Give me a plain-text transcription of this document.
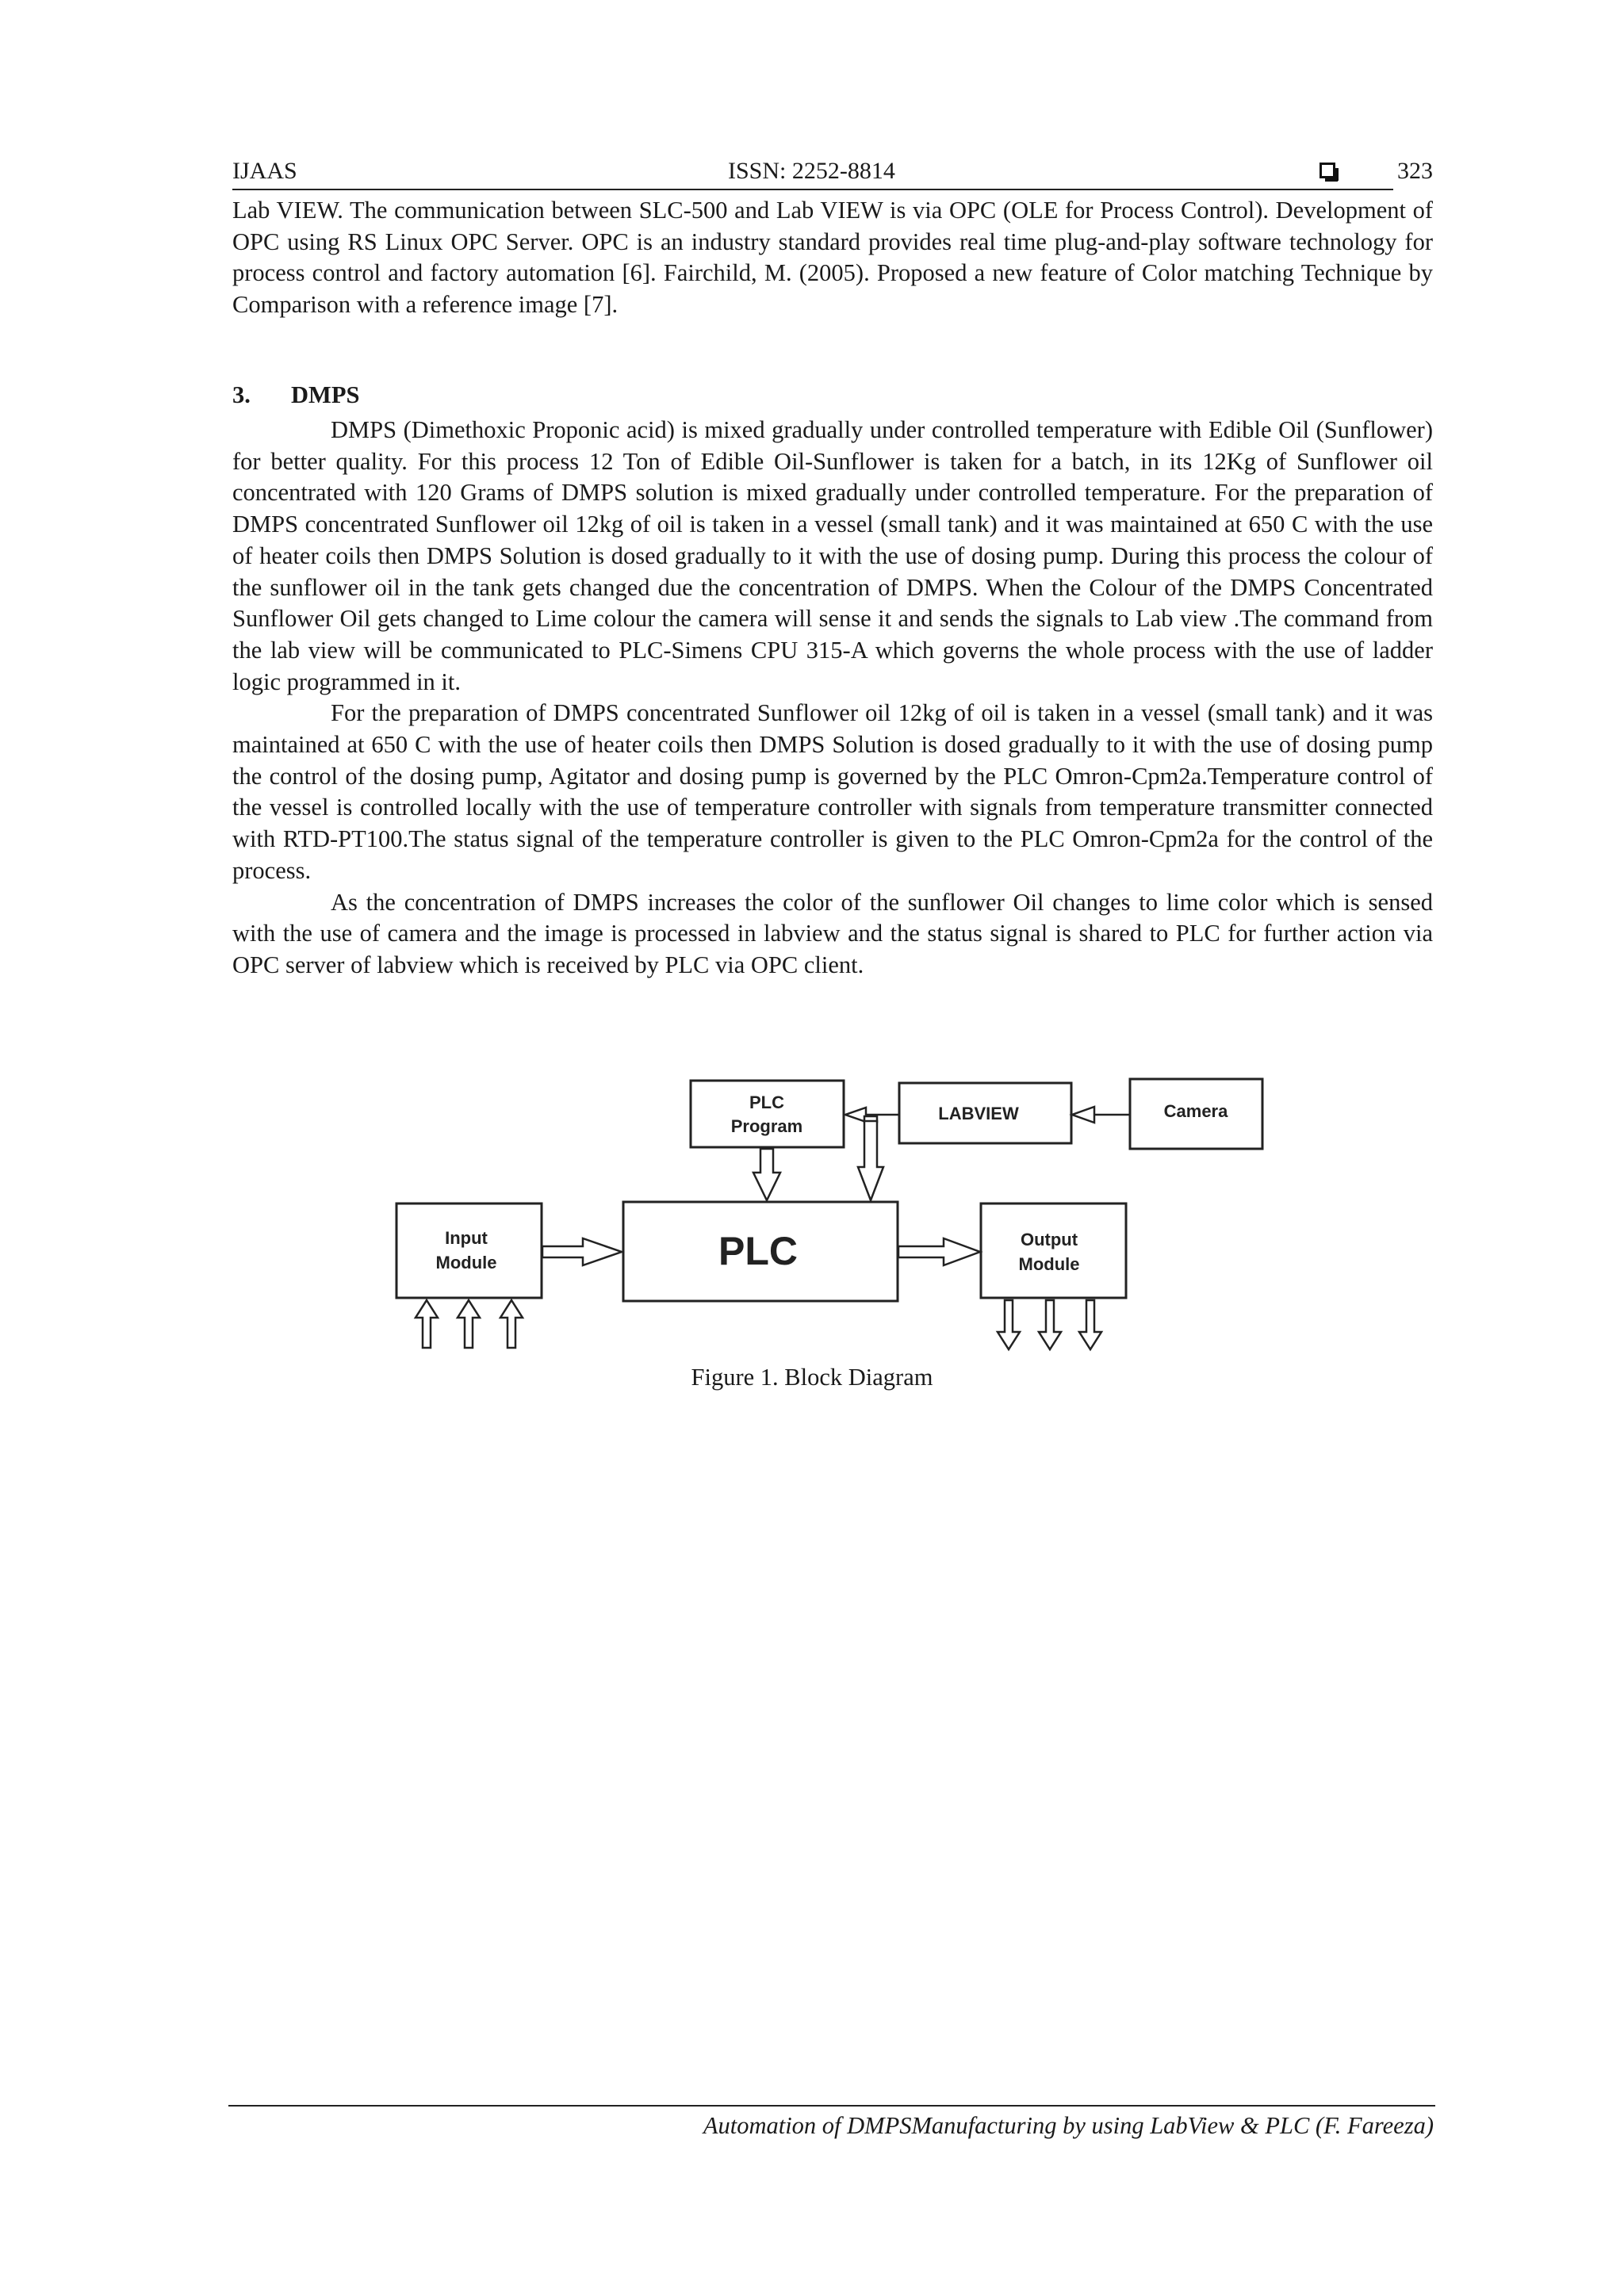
IJAAS	ISSN: 2252-8814	323

Lab VIEW. The communication between SLC-500 and Lab VIEW is via OPC (OLE for Process Control). Development of OPC using RS Linux OPC Server. OPC is an industry standard provides real time plug-and-play software technology for process control and factory automation [6]. Fairchild, M. (2005). Proposed a new feature of Color matching Technique by Comparison with a reference image [7].

3. DMPS

DMPS (Dimethoxic Proponic acid) is mixed gradually under controlled temperature with Edible Oil (Sunflower) for better quality. For this process 12 Ton of Edible Oil-Sunflower is taken for a batch, in its 12Kg of Sunflower oil concentrated with 120 Grams of DMPS solution is mixed gradually under controlled temperature. For the preparation of DMPS concentrated Sunflower oil 12kg of oil is taken in a vessel (small tank) and it was maintained at 650 C with the use of heater coils then DMPS Solution is dosed gradually to it with the use of dosing pump. During this process the colour of the sunflower oil in the tank gets changed due the concentration of DMPS. When the Colour of the DMPS Concentrated Sunflower Oil gets changed to Lime colour the camera will sense it and sends the signals to Lab view .The command from the lab view will be communicated to PLC-Simens CPU 315-A which governs the whole process with the use of ladder logic programmed in it.

For the preparation of DMPS concentrated Sunflower oil 12kg of oil is taken in a vessel (small tank) and it was maintained at 650 C with the use of heater coils then DMPS Solution is dosed gradually to it with the use of dosing pump the control of the dosing pump, Agitator and dosing pump is governed by the PLC Omron-Cpm2a.Temperature control of the vessel is controlled locally with the use of temperature controller with signals from temperature transmitter connected with RTD-PT100.The status signal of the temperature controller is given to the PLC Omron-Cpm2a for the control of the process.

As the concentration of DMPS increases the color of the sunflower Oil changes to lime color which is sensed with the use of camera and the image is processed in labview and the status signal is shared to PLC for further action via OPC server of labview which is received by PLC via OPC client.

PLC
Program
LABVIEW	Camera
Input
Module	PLC	Output
Module
Figure 1. Block Diagram
Automation of DMPSManufacturing by using LabView & PLC (F. Fareeza)
